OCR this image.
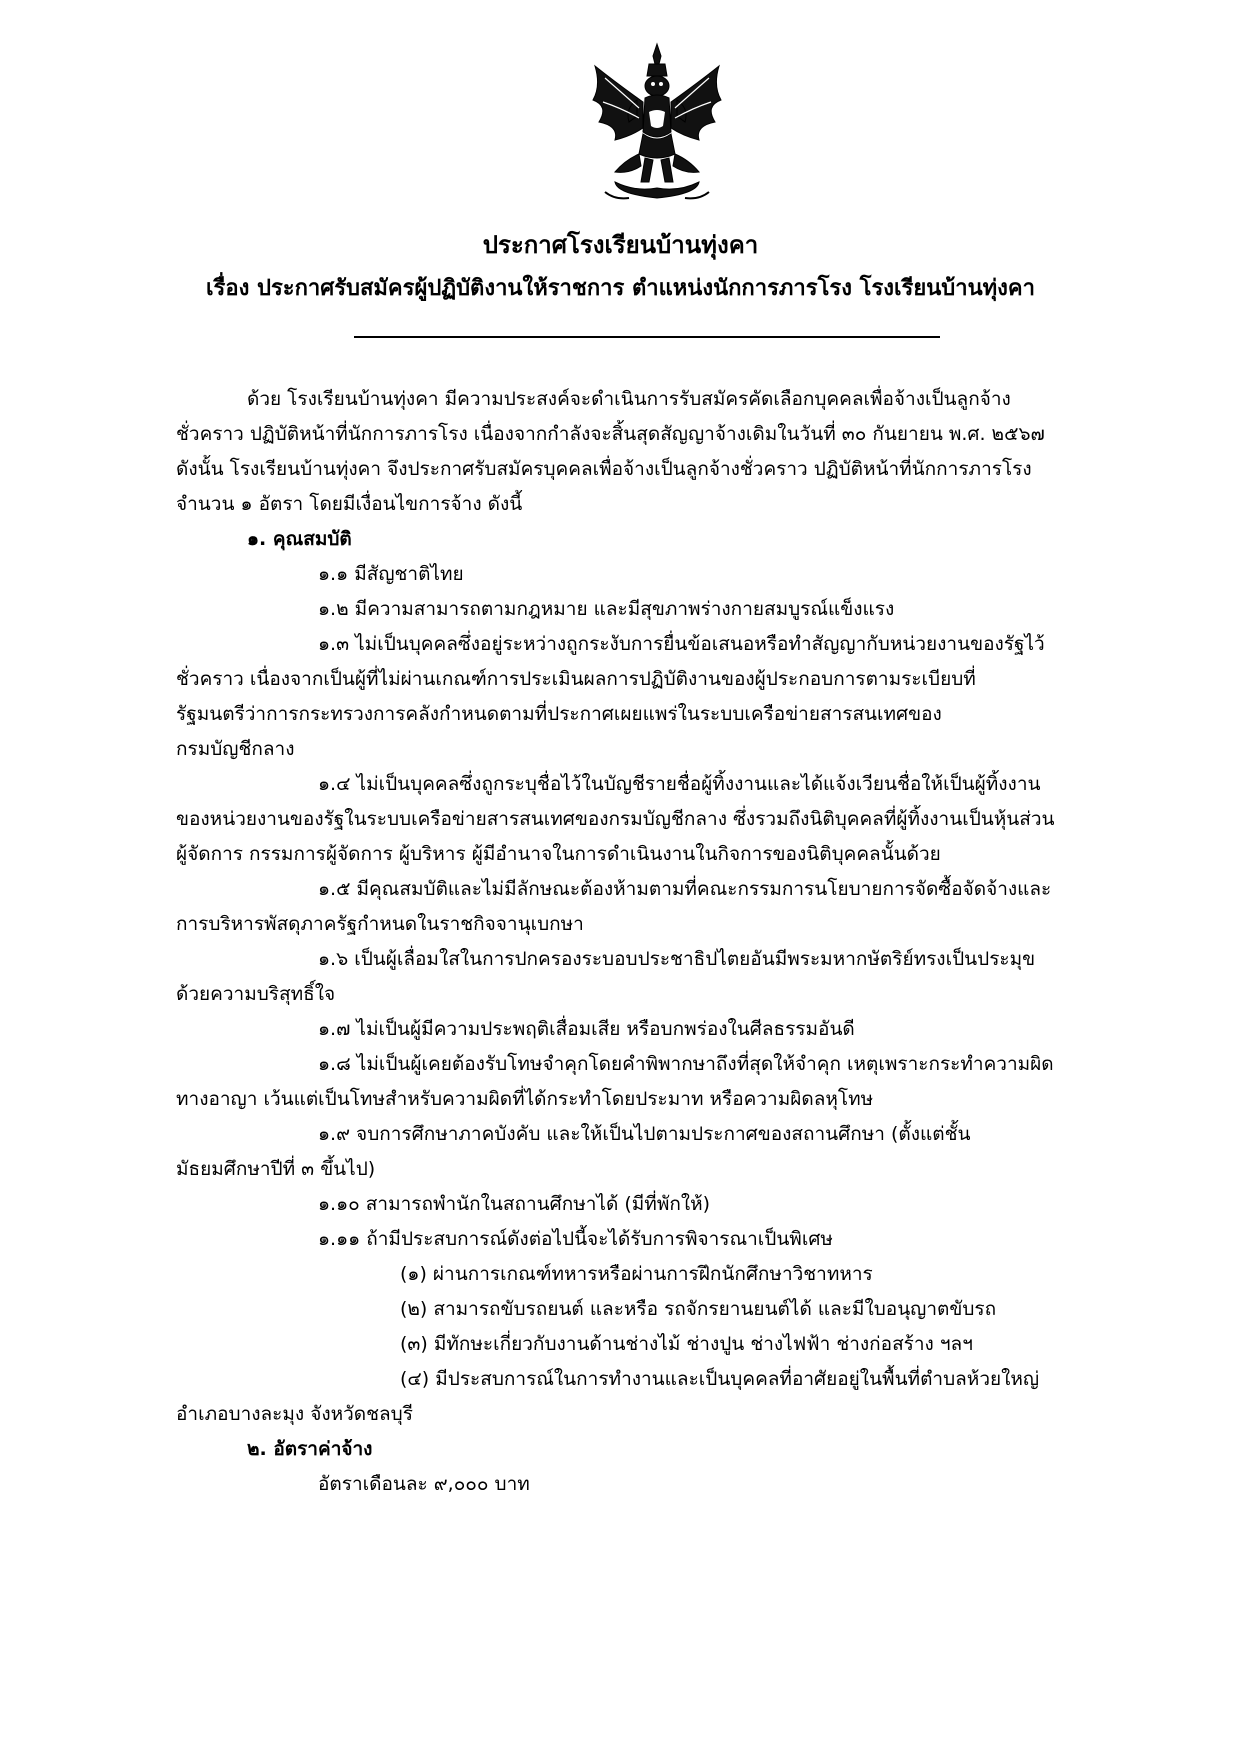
ประกาศโรงเรียนบ้านทุ่งคา
เรื่อง ประกาศรับสมัครผู้ปฏิบัติงานให้ราชการ ตำแหน่งนักการภารโรง โรงเรียนบ้านทุ่งคา
ด้วย โรงเรียนบ้านทุ่งคา มีความประสงค์จะดำเนินการรับสมัครคัดเลือกบุคคลเพื่อจ้างเป็นลูกจ้าง
ชั่วคราว ปฏิบัติหน้าที่นักการภารโรง เนื่องจากกำลังจะสิ้นสุดสัญญาจ้างเดิมในวันที่ ๓๐ กันยายน พ.ศ. ๒๕๖๗
ดังนั้น โรงเรียนบ้านทุ่งคา จึงประกาศรับสมัครบุคคลเพื่อจ้างเป็นลูกจ้างชั่วคราว ปฏิบัติหน้าที่นักการภารโรง
จำนวน ๑ อัตรา โดยมีเงื่อนไขการจ้าง ดังนี้
๑. คุณสมบัติ
๑.๑ มีสัญชาติไทย
๑.๒ มีความสามารถตามกฎหมาย และมีสุขภาพร่างกายสมบูรณ์แข็งแรง
๑.๓ ไม่เป็นบุคคลซึ่งอยู่ระหว่างถูกระงับการยื่นข้อเสนอหรือทำสัญญากับหน่วยงานของรัฐไว้
ชั่วคราว เนื่องจากเป็นผู้ที่ไม่ผ่านเกณฑ์การประเมินผลการปฏิบัติงานของผู้ประกอบการตามระเบียบที่
รัฐมนตรีว่าการกระทรวงการคลังกำหนดตามที่ประกาศเผยแพร่ในระบบเครือข่ายสารสนเทศของ
กรมบัญชีกลาง
๑.๔ ไม่เป็นบุคคลซึ่งถูกระบุชื่อไว้ในบัญชีรายชื่อผู้ทิ้งงานและได้แจ้งเวียนชื่อให้เป็นผู้ทิ้งงาน
ของหน่วยงานของรัฐในระบบเครือข่ายสารสนเทศของกรมบัญชีกลาง ซึ่งรวมถึงนิติบุคคลที่ผู้ทิ้งงานเป็นหุ้นส่วน
ผู้จัดการ กรรมการผู้จัดการ ผู้บริหาร ผู้มีอำนาจในการดำเนินงานในกิจการของนิติบุคคลนั้นด้วย
๑.๕ มีคุณสมบัติและไม่มีลักษณะต้องห้ามตามที่คณะกรรมการนโยบายการจัดซื้อจัดจ้างและ
การบริหารพัสดุภาครัฐกำหนดในราชกิจจานุเบกษา
๑.๖ เป็นผู้เลื่อมใสในการปกครองระบอบประชาธิปไตยอันมีพระมหากษัตริย์ทรงเป็นประมุข
ด้วยความบริสุทธิ์ใจ
๑.๗ ไม่เป็นผู้มีความประพฤติเสื่อมเสีย หรือบกพร่องในศีลธรรมอันดี
๑.๘ ไม่เป็นผู้เคยต้องรับโทษจำคุกโดยคำพิพากษาถึงที่สุดให้จำคุก เหตุเพราะกระทำความผิด
ทางอาญา เว้นแต่เป็นโทษสำหรับความผิดที่ได้กระทำโดยประมาท หรือความผิดลหุโทษ
๑.๙ จบการศึกษาภาคบังคับ และให้เป็นไปตามประกาศของสถานศึกษา (ตั้งแต่ชั้น
มัธยมศึกษาปีที่ ๓ ขึ้นไป)
๑.๑๐ สามารถพำนักในสถานศึกษาได้ (มีที่พักให้)
๑.๑๑ ถ้ามีประสบการณ์ดังต่อไปนี้จะได้รับการพิจารณาเป็นพิเศษ
(๑) ผ่านการเกณฑ์ทหารหรือผ่านการฝึกนักศึกษาวิชาทหาร
(๒) สามารถขับรถยนต์ และหรือ รถจักรยานยนต์ได้ และมีใบอนุญาตขับรถ
(๓) มีทักษะเกี่ยวกับงานด้านช่างไม้ ช่างปูน ช่างไฟฟ้า ช่างก่อสร้าง ฯลฯ
(๔) มีประสบการณ์ในการทำงานและเป็นบุคคลที่อาศัยอยู่ในพื้นที่ตำบลห้วยใหญ่
อำเภอบางละมุง จังหวัดชลบุรี
๒. อัตราค่าจ้าง
อัตราเดือนละ ๙,๐๐๐ บาท
